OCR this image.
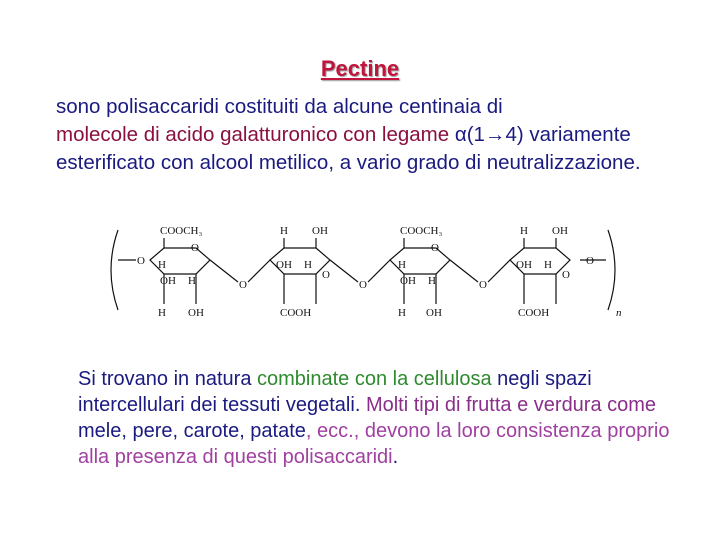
Pectine
sono polisaccaridi costituiti da alcune centinaia di
molecole di acido galatturonico con legame α(1→4) variamente esterificato con alcool metilico, a vario grado di neutralizzazione.
COOCH₃	COOCH₃
H OH	H OH
O
O	O
O	O
O	O	O
O
H
OH H
OH H	H
OH H
OH H
H OH	COOH	H OH	COOH	n
Si trovano in natura combinate con la cellulosa negli spazi intercellulari dei tessuti vegetali. Molti tipi di frutta e verdura come mele, pere, carote, patate, ecc., devono la loro consistenza proprio alla presenza di questi polisaccaridi.
